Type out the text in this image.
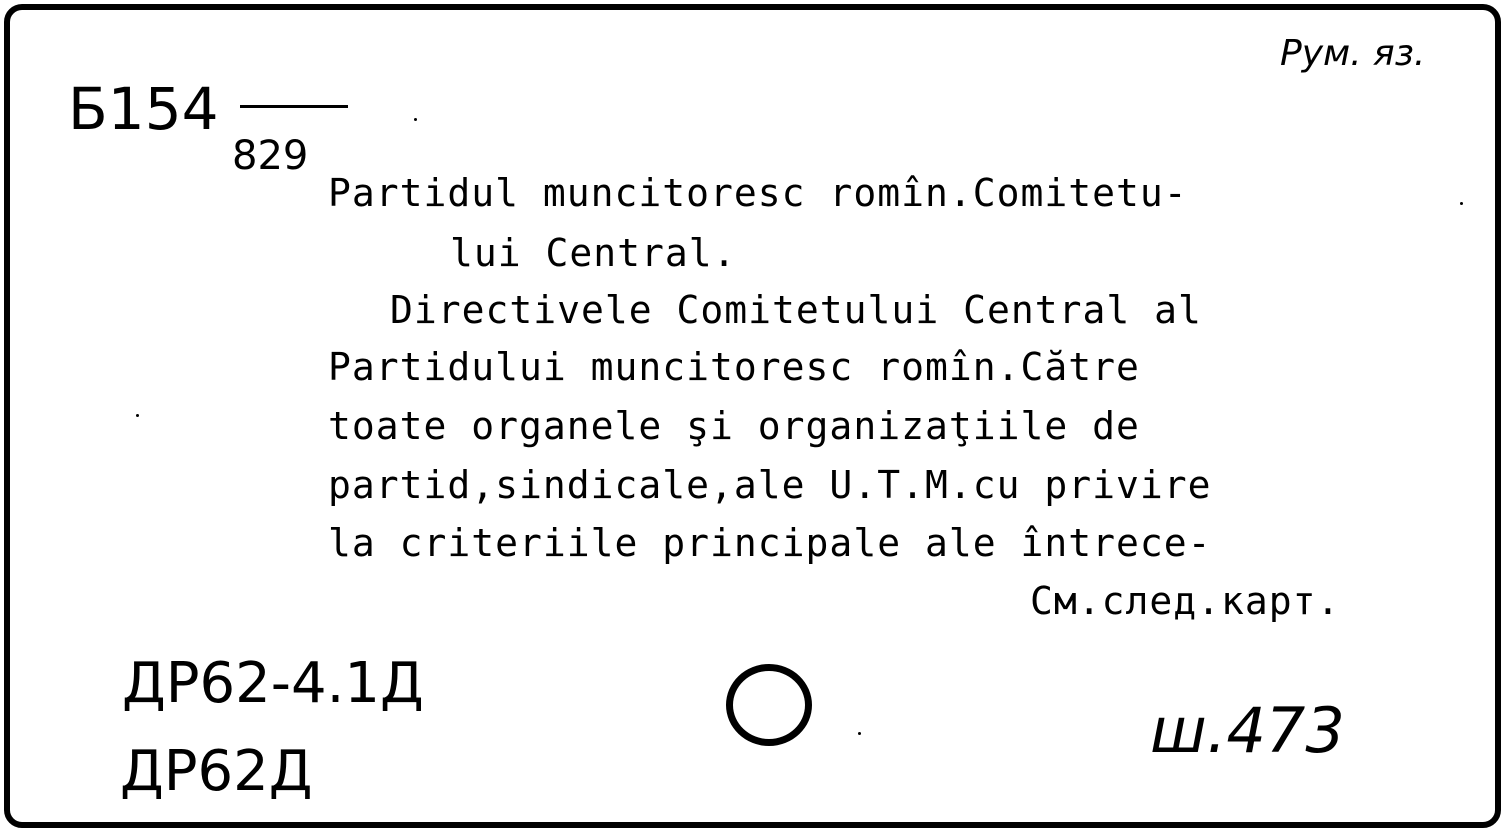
Рум. яз.
Б154
829
Partidul muncitoresc romîn.Comitetu-
lui Central.
Directivele Comitetului Central al
Partidului muncitoresc romîn.Către
toate organele şi organizaţiile de
partid,sindicale,ale U.T.M.cu privire
la criteriile principale ale întrece-
См.след.карт.
ДР62-4.1Д
ДР62Д
ш.473
